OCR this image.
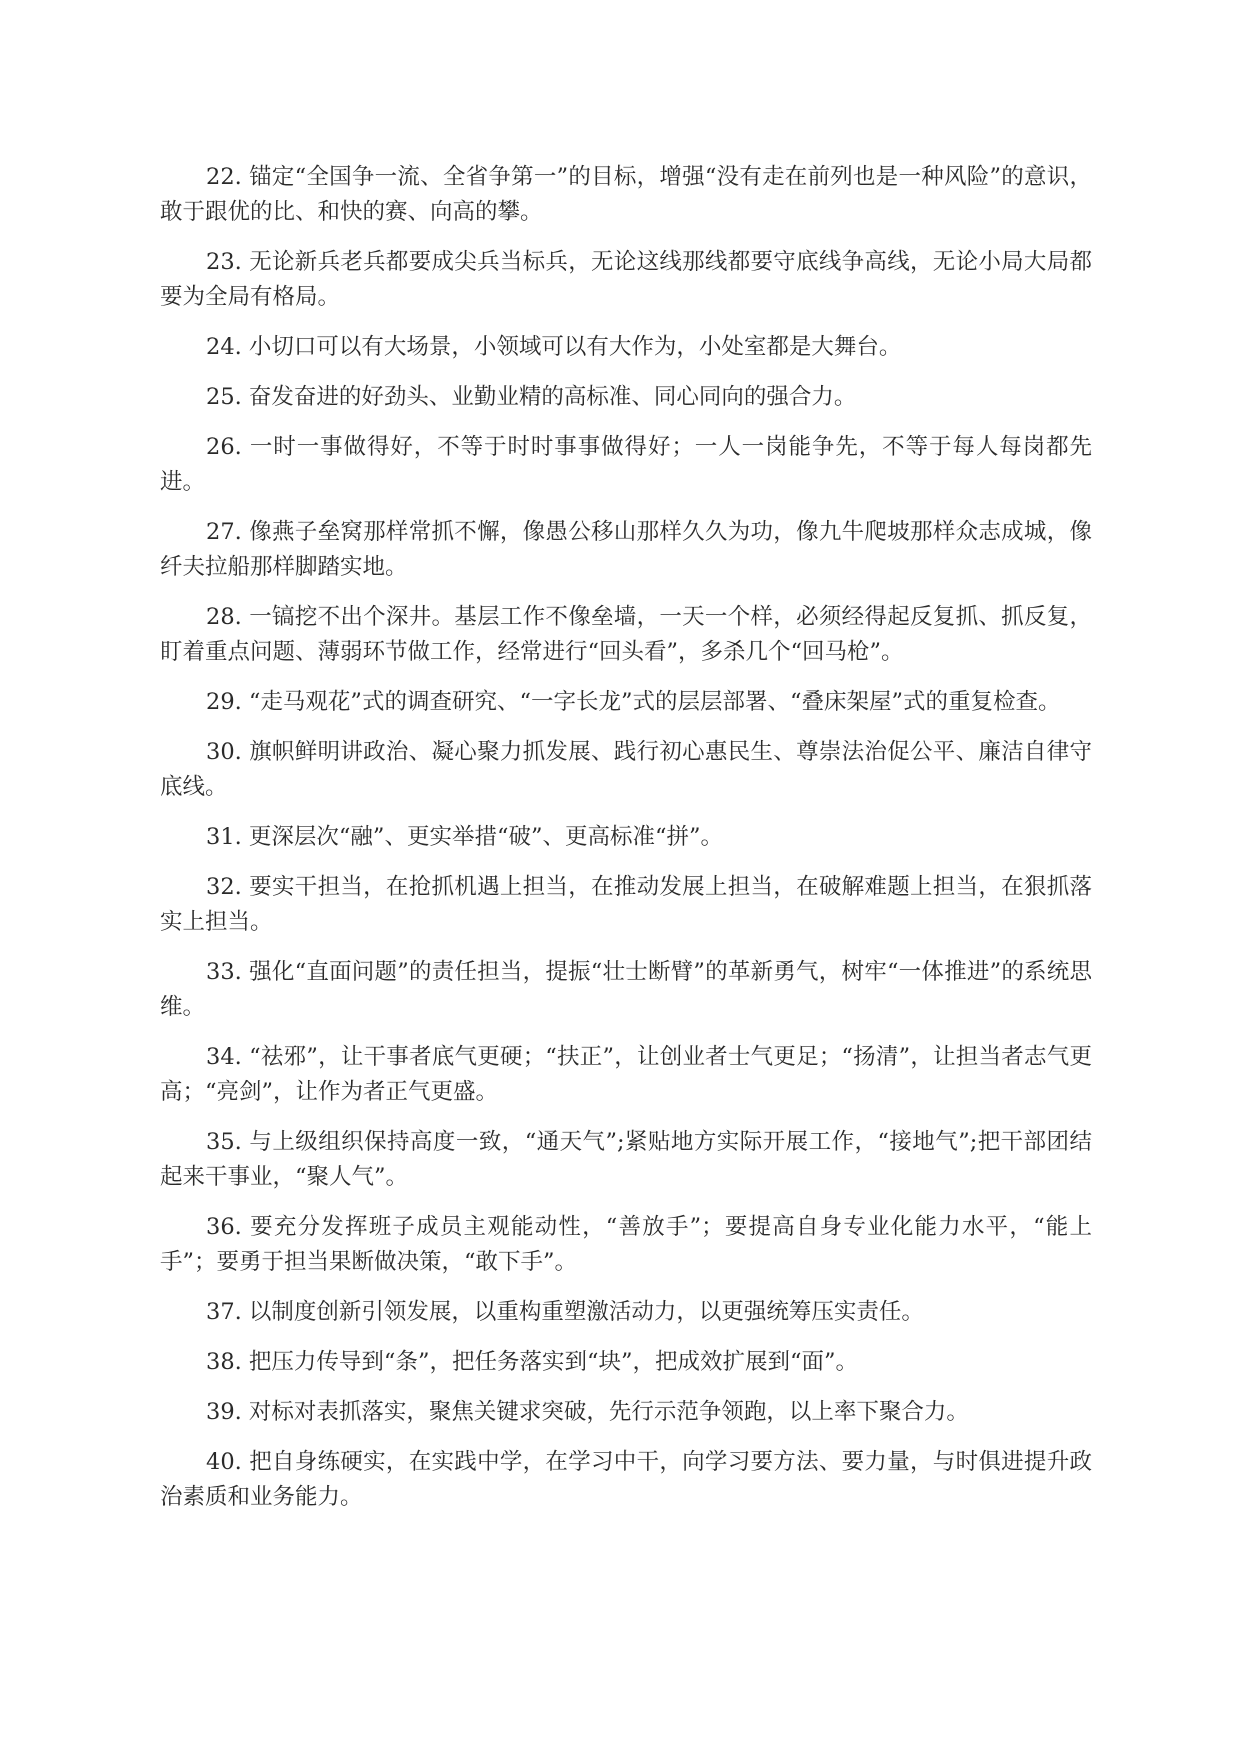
22. 锚定“全国争一流、全省争第一”的目标，增强“没有走在前列也是一种风险”的意识，敢于跟优的比、和快的赛、向高的攀。

23. 无论新兵老兵都要成尖兵当标兵，无论这线那线都要守底线争高线，无论小局大局都要为全局有格局。

24. 小切口可以有大场景，小领域可以有大作为，小处室都是大舞台。

25. 奋发奋进的好劲头、业勤业精的高标准、同心同向的强合力。

26. 一时一事做得好，不等于时时事事做得好；一人一岗能争先，不等于每人每岗都先进。

27. 像燕子垒窝那样常抓不懈，像愚公移山那样久久为功，像九牛爬坡那样众志成城，像纤夫拉船那样脚踏实地。

28. 一镐挖不出个深井。基层工作不像垒墙，一天一个样，必须经得起反复抓、抓反复，盯着重点问题、薄弱环节做工作，经常进行“回头看”，多杀几个“回马枪”。

29. “走马观花”式的调查研究、“一字长龙”式的层层部署、“叠床架屋”式的重复检查。

30. 旗帜鲜明讲政治、凝心聚力抓发展、践行初心惠民生、尊崇法治促公平、廉洁自律守底线。

31. 更深层次“融”、更实举措“破”、更高标准“拼”。

32. 要实干担当，在抢抓机遇上担当，在推动发展上担当，在破解难题上担当，在狠抓落实上担当。

33. 强化“直面问题”的责任担当，提振“壮士断臂”的革新勇气，树牢“一体推进”的系统思维。

34. “祛邪”，让干事者底气更硬；“扶正”，让创业者士气更足；“扬清”，让担当者志气更高；“亮剑”，让作为者正气更盛。

35. 与上级组织保持高度一致，“通天气”;紧贴地方实际开展工作，“接地气”;把干部团结起来干事业，“聚人气”。

36. 要充分发挥班子成员主观能动性，“善放手”；要提高自身专业化能力水平，“能上手”；要勇于担当果断做决策，“敢下手”。

37. 以制度创新引领发展，以重构重塑激活动力，以更强统筹压实责任。

38. 把压力传导到“条”，把任务落实到“块”，把成效扩展到“面”。

39. 对标对表抓落实，聚焦关键求突破，先行示范争领跑，以上率下聚合力。

40. 把自身练硬实，在实践中学，在学习中干，向学习要方法、要力量，与时俱进提升政治素质和业务能力。
